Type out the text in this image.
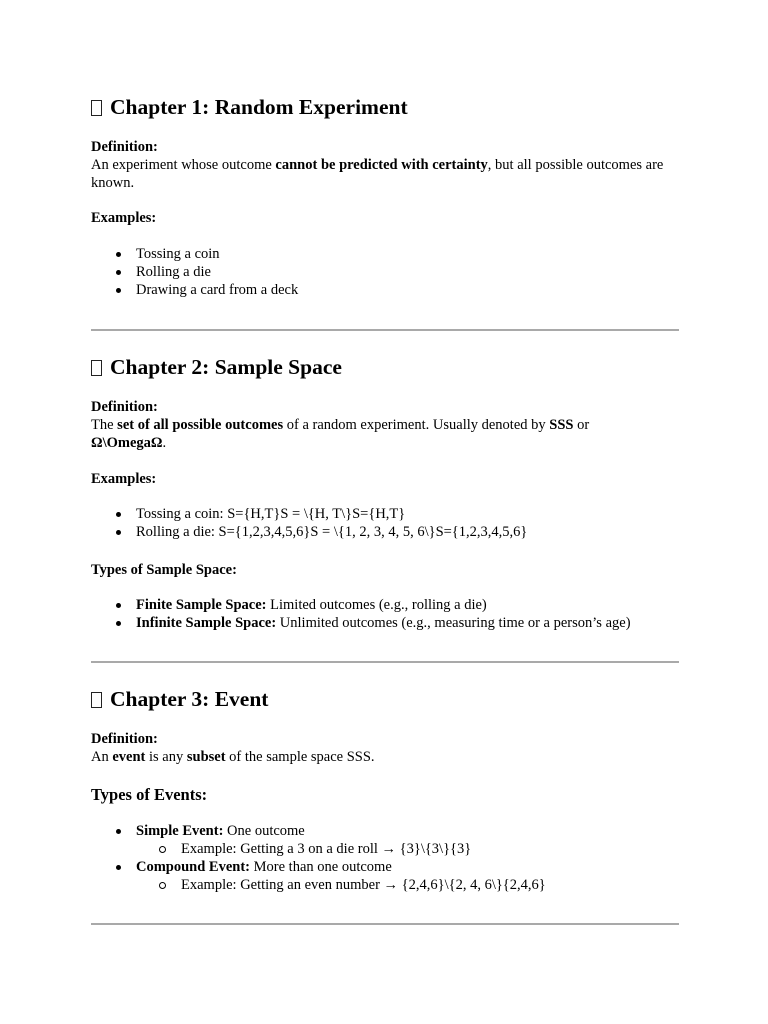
Chapter 1: Random Experiment

Definition:

An experiment whose outcome cannot be predicted with certainty, but all possible outcomes are known.

Examples:

Tossing a coin
Rolling a die
Drawing a card from a deck

Chapter 2: Sample Space

Definition:

The set of all possible outcomes of a random experiment. Usually denoted by SSS or
Ω\OmegaΩ.

Examples:

Tossing a coin: S={H,T}S = \{H, T\}S={H,T}
Rolling a die: S={1,2,3,4,5,6}S = \{1, 2, 3, 4, 5, 6\}S={1,2,3,4,5,6}

Types of Sample Space:

Finite Sample Space: Limited outcomes (e.g., rolling a die)
Infinite Sample Space: Unlimited outcomes (e.g., measuring time or a person’s age)

Chapter 3: Event

Definition:

An event is any subset of the sample space SSS.

Types of Events:

Simple Event: One outcome
Example: Getting a 3 on a die roll → {3}\{3\}{3}
Compound Event: More than one outcome
Example: Getting an even number → {2,4,6}\{2, 4, 6\}{2,4,6}
